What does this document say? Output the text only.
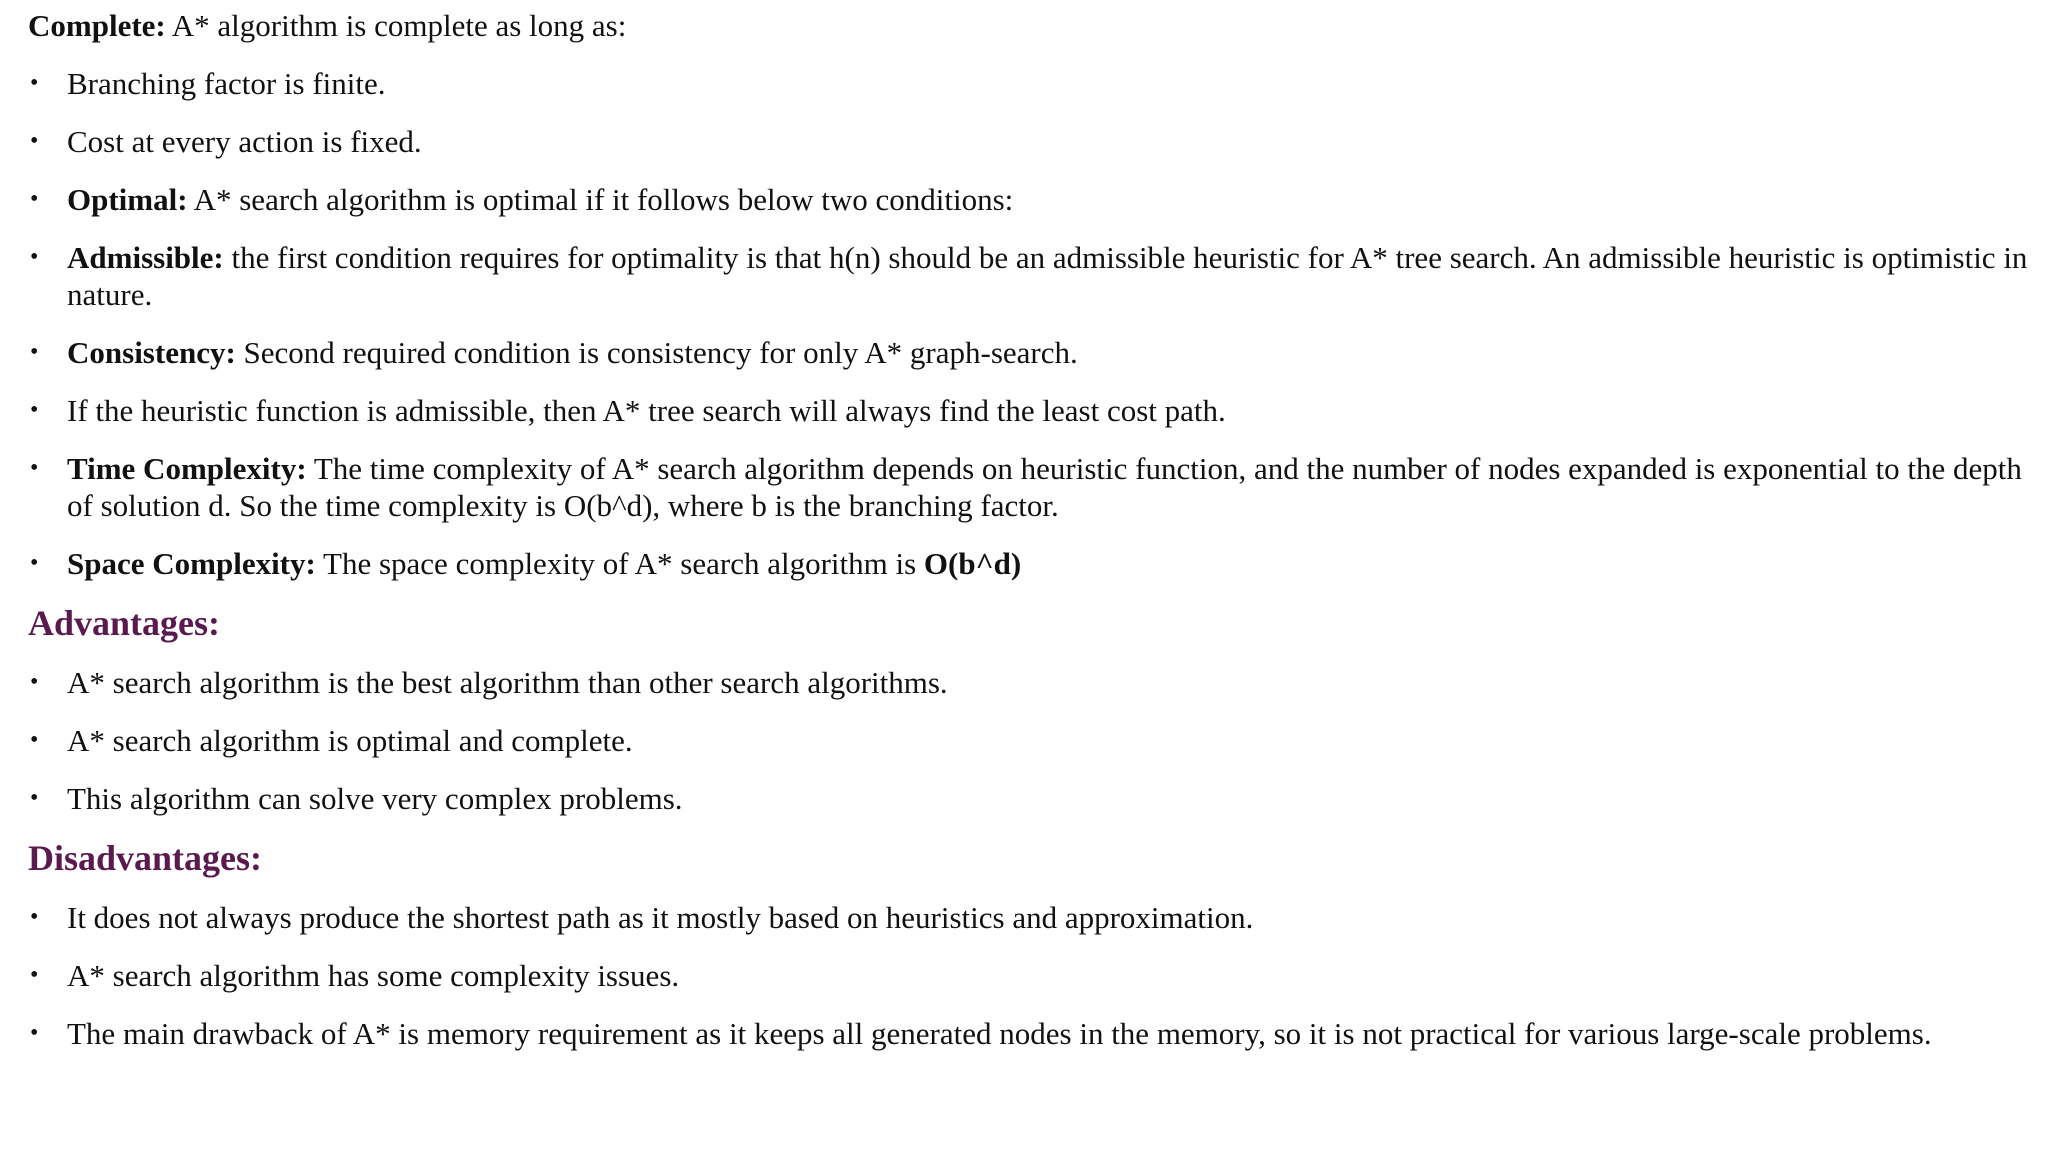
Complete: A* algorithm is complete as long as:

• Branching factor is finite.
• Cost at every action is fixed.
• Optimal: A* search algorithm is optimal if it follows below two conditions:
• Admissible: the first condition requires for optimality is that h(n) should be an admissible heuristic for A* tree search. An admissible heuristic is optimistic in nature.
• Consistency: Second required condition is consistency for only A* graph-search.
• If the heuristic function is admissible, then A* tree search will always find the least cost path.
• Time Complexity: The time complexity of A* search algorithm depends on heuristic function, and the number of nodes expanded is exponential to the depth of solution d. So the time complexity is O(b^d), where b is the branching factor.
• Space Complexity: The space complexity of A* search algorithm is O(b^d)
Advantages:
• A* search algorithm is the best algorithm than other search algorithms.
• A* search algorithm is optimal and complete.
• This algorithm can solve very complex problems.
Disadvantages:
• It does not always produce the shortest path as it mostly based on heuristics and approximation.
• A* search algorithm has some complexity issues.
• The main drawback of A* is memory requirement as it keeps all generated nodes in the memory, so it is not practical for various large-scale problems.
